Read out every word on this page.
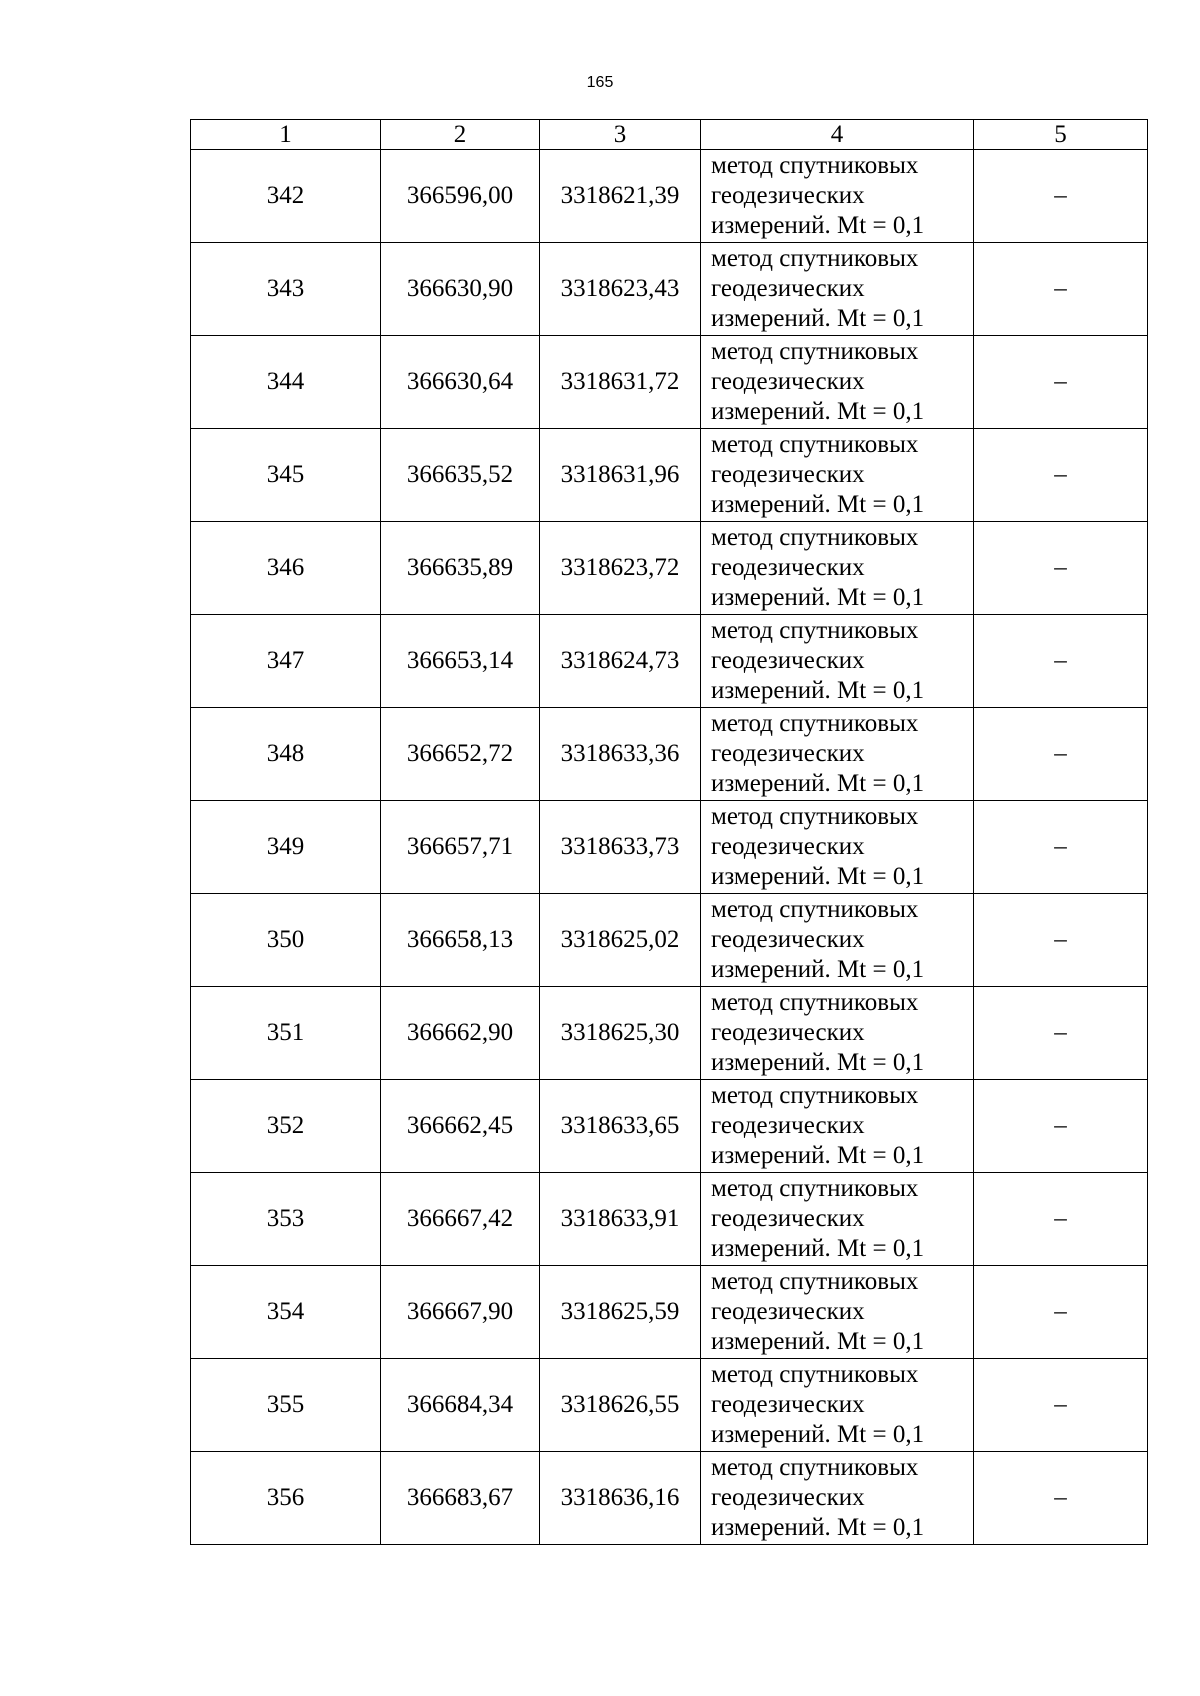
165
1	2	3	4	5
342	366596,00	3318621,39	метод спутниковых
геодезических
измерений. Mt = 0,1	–
343	366630,90	3318623,43	метод спутниковых
геодезических
измерений. Mt = 0,1	–
344	366630,64	3318631,72	метод спутниковых
геодезических
измерений. Mt = 0,1	–
345	366635,52	3318631,96	метод спутниковых
геодезических
измерений. Mt = 0,1	–
346	366635,89	3318623,72	метод спутниковых
геодезических
измерений. Mt = 0,1	–
347	366653,14	3318624,73	метод спутниковых
геодезических
измерений. Mt = 0,1	–
348	366652,72	3318633,36	метод спутниковых
геодезических
измерений. Mt = 0,1	–
349	366657,71	3318633,73	метод спутниковых
геодезических
измерений. Mt = 0,1	–
350	366658,13	3318625,02	метод спутниковых
геодезических
измерений. Mt = 0,1	–
351	366662,90	3318625,30	метод спутниковых
геодезических
измерений. Mt = 0,1	–
352	366662,45	3318633,65	метод спутниковых
геодезических
измерений. Mt = 0,1	–
353	366667,42	3318633,91	метод спутниковых
геодезических
измерений. Mt = 0,1	–
354	366667,90	3318625,59	метод спутниковых
геодезических
измерений. Mt = 0,1	–
355	366684,34	3318626,55	метод спутниковых
геодезических
измерений. Mt = 0,1	–
356	366683,67	3318636,16	метод спутниковых
геодезических
измерений. Mt = 0,1	–
